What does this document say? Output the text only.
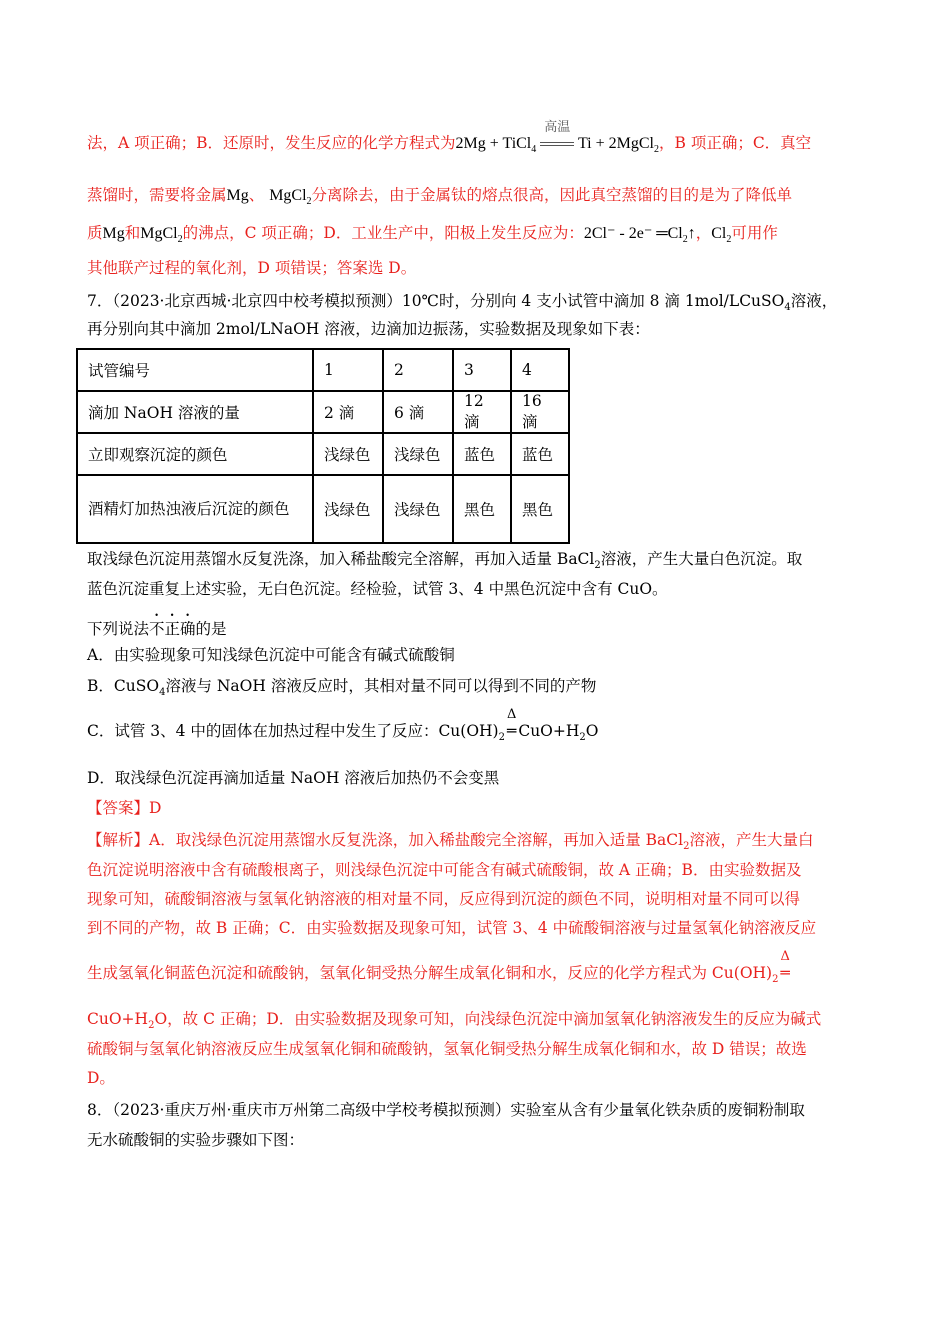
法，A 项正确；B．还原时，发生反应的化学方程式为2Mg + TiCl$_4$
高温
Ti + 2MgCl$_2$，B 项正确；C．真空
蒸馏时，需要将金属Mg、 MgCl$_2$分离除去，由于金属钛的熔点很高，因此真空蒸馏的目的是为了降低单
质Mg和MgCl$_2$的沸点，C 项正确；D．工业生产中，阳极上发生反应为：2Cl⁻ - 2e⁻ $═Cl_2↑$，$Cl_2$可用作
其他联产过程的氧化剂，D 项错误；答案选 D。
7．（2023·北京西城·北京四中校考模拟预测）10℃时，分别向 4 支小试管中滴加 8 滴 1mol/LCuSO$_4$溶液，
再分别向其中滴加 2mol/LNaOH 溶液，边滴加边振荡，实验数据及现象如下表：
试管编号	1	2	3	4
滴加 NaOH 溶液的量	2 滴	6 滴	12 滴	16 滴
立即观察沉淀的颜色	浅绿色	浅绿色	蓝色	蓝色
酒精灯加热浊液后沉淀的颜色	浅绿色	浅绿色	黑色	黑色
取浅绿色沉淀用蒸馏水反复洗涤，加入稀盐酸完全溶解，再加入适量 BaCl$_2$溶液，产生大量白色沉淀。取
蓝色沉淀重复上述实验，无白色沉淀。经检验，试管 3、4 中黑色沉淀中含有 CuO。
下列说法不正确的是
A．由实验现象可知浅绿色沉淀中可能含有碱式硫酸铜
B．CuSO$_4$溶液与 NaOH 溶液反应时，其相对量不同可以得到不同的产物
C．试管 3、4 中的固体在加热过程中发生了反应：$Cu(OH)_2$
Δ
═ $CuO+H_2O$
D．取浅绿色沉淀再滴加适量 NaOH 溶液后加热仍不会变黑
【答案】D
【解析】A．取浅绿色沉淀用蒸馏水反复洗涤，加入稀盐酸完全溶解，再加入适量 BaCl$_2$溶液，产生大量白
色沉淀说明溶液中含有硫酸根离子，则浅绿色沉淀中可能含有碱式硫酸铜，故 A 正确；B．由实验数据及
现象可知，硫酸铜溶液与氢氧化钠溶液的相对量不同，反应得到沉淀的颜色不同，说明相对量不同可以得
到不同的产物，故 B 正确；C．由实验数据及现象可知，试管 3、4 中硫酸铜溶液与过量氢氧化钠溶液反应
生成氢氧化铜蓝色沉淀和硫酸钠，氢氧化铜受热分解生成氧化铜和水，反应的化学方程式为 $Cu(OH)_2$
Δ
═
$CuO+H_2O$，故 C 正确；D．由实验数据及现象可知，向浅绿色沉淀中滴加氢氧化钠溶液发生的反应为碱式
硫酸铜与氢氧化钠溶液反应生成氢氧化铜和硫酸钠，氢氧化铜受热分解生成氧化铜和水，故 D 错误；故选
D。
8．（2023·重庆万州·重庆市万州第二高级中学校考模拟预测）实验室从含有少量氧化铁杂质的废铜粉制取
无水硫酸铜的实验步骤如下图：
